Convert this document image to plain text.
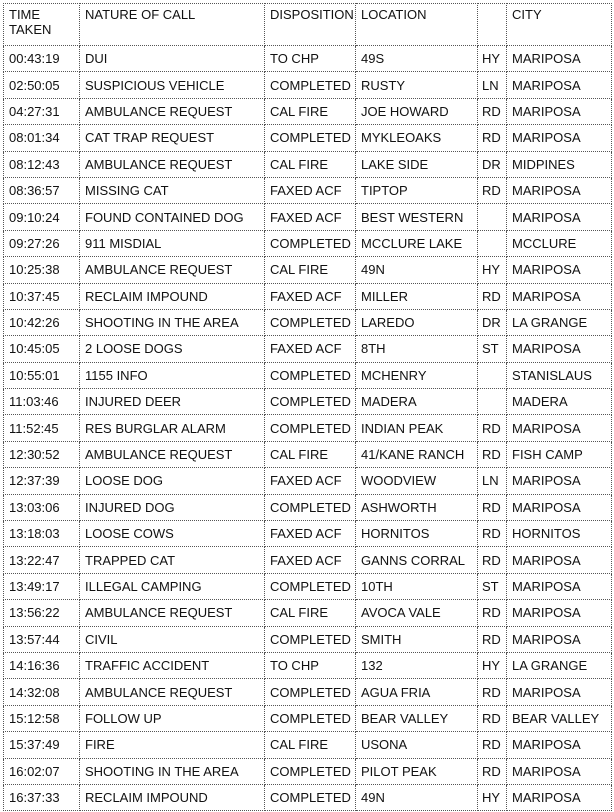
TIME TAKEN	NATURE OF CALL	DISPOSITION	LOCATION		CITY
00:43:19	DUI	TO CHP	49S	HY	MARIPOSA
02:50:05	SUSPICIOUS VEHICLE	COMPLETED	RUSTY	LN	MARIPOSA
04:27:31	AMBULANCE REQUEST	CAL FIRE	JOE HOWARD	RD	MARIPOSA
08:01:34	CAT TRAP REQUEST	COMPLETED	MYKLEOAKS	RD	MARIPOSA
08:12:43	AMBULANCE REQUEST	CAL FIRE	LAKE SIDE	DR	MIDPINES
08:36:57	MISSING CAT	FAXED ACF	TIPTOP	RD	MARIPOSA
09:10:24	FOUND CONTAINED DOG	FAXED ACF	BEST WESTERN		MARIPOSA
09:27:26	911 MISDIAL	COMPLETED	MCCLURE LAKE		MCCLURE
10:25:38	AMBULANCE REQUEST	CAL FIRE	49N	HY	MARIPOSA
10:37:45	RECLAIM IMPOUND	FAXED ACF	MILLER	RD	MARIPOSA
10:42:26	SHOOTING IN THE AREA	COMPLETED	LAREDO	DR	LA GRANGE
10:45:05	2 LOOSE DOGS	FAXED ACF	8TH	ST	MARIPOSA
10:55:01	1155 INFO	COMPLETED	MCHENRY		STANISLAUS
11:03:46	INJURED DEER	COMPLETED	MADERA		MADERA
11:52:45	RES BURGLAR ALARM	COMPLETED	INDIAN PEAK	RD	MARIPOSA
12:30:52	AMBULANCE REQUEST	CAL FIRE	41/KANE RANCH	RD	FISH CAMP
12:37:39	LOOSE DOG	FAXED ACF	WOODVIEW	LN	MARIPOSA
13:03:06	INJURED DOG	COMPLETED	ASHWORTH	RD	MARIPOSA
13:18:03	LOOSE COWS	FAXED ACF	HORNITOS	RD	HORNITOS
13:22:47	TRAPPED CAT	FAXED ACF	GANNS CORRAL	RD	MARIPOSA
13:49:17	ILLEGAL CAMPING	COMPLETED	10TH	ST	MARIPOSA
13:56:22	AMBULANCE REQUEST	CAL FIRE	AVOCA VALE	RD	MARIPOSA
13:57:44	CIVIL	COMPLETED	SMITH	RD	MARIPOSA
14:16:36	TRAFFIC ACCIDENT	TO CHP	132	HY	LA GRANGE
14:32:08	AMBULANCE REQUEST	COMPLETED	AGUA FRIA	RD	MARIPOSA
15:12:58	FOLLOW UP	COMPLETED	BEAR VALLEY	RD	BEAR VALLEY
15:37:49	FIRE	CAL FIRE	USONA	RD	MARIPOSA
16:02:07	SHOOTING IN THE AREA	COMPLETED	PILOT PEAK	RD	MARIPOSA
16:37:33	RECLAIM IMPOUND	COMPLETED	49N	HY	MARIPOSA
